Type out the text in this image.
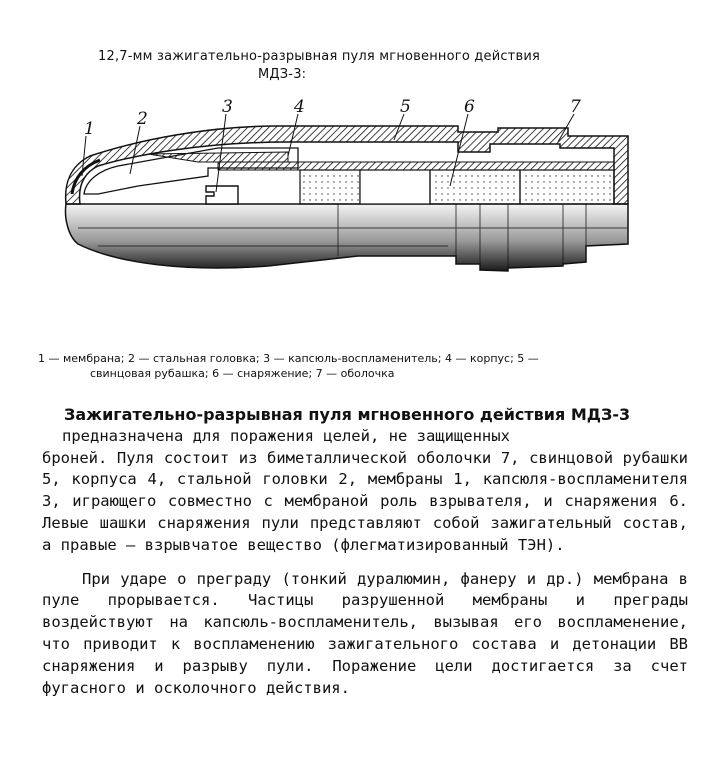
12,7-мм зажигательно-разрывная пуля мгновенного действия
МДЗ-3:
1 2
3	4	5	6	7
1 — мембрана; 2 — стальная головка; 3 — капсюль-воспламенитель; 4 — корпус; 5 —
свинцовая рубашка; 6 — снаряжение; 7 — оболочка

Зажигательно-разрывная пуля мгновенного действия МДЗ-3
предназначена для поражения целей, не защищенных
броней. Пуля состоит из биметаллической оболочки 7, свинцовой рубашки 5, корпуса 4, стальной головки 2, мембраны 1, капсюля-воспламенителя 3, играющего совместно с мембраной роль взрывателя, и снаряжения 6. Левые шашки снаряжения пули представляют собой зажигательный состав, а правые — взрывчатое вещество (флегматизированный ТЭН).

При ударе о преграду (тонкий дуралюмин, фанеру и др.) мембрана в пуле прорывается. Частицы разрушенной мембраны и преграды воздействуют на капсюль-воспламенитель, вызывая его воспламенение, что приводит к воспламенению зажигательного состава и детонации ВВ снаряжения и разрыву пули. Поражение цели достигается за счет фугасного и осколочного действия.
